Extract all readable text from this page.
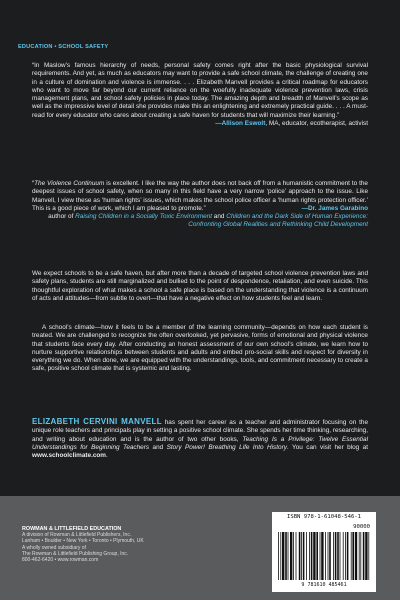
EDUCATION • SCHOOL SAFETY
“In Maslow’s famous hierarchy of needs, personal safety comes right after the basic physiological survival requirements. And yet, as much as educators may want to provide a safe school climate, the challenge of creating one in a culture of domination and violence is immense. . . . Elizabeth Manvell provides a critical roadmap for educators who want to move far beyond our current reliance on the woefully inadequate violence prevention laws, crisis management plans, and school safety policies in place today. The amazing depth and breadth of Manvell’s scope as well as the impressive level of detail she provides make this an enlightening and extremely practical guide. . . . A must-read for every educator who cares about creating a safe haven for students that will maximize their learning.”
—Allison Eswolt, MA, educator, ecotherapist, activist
“The Violence Continuum is excellent. I like the way the author does not back off from a humanistic commitment to the deepest issues of school safety, when so many in this field have a very narrow ‘police’ approach to the issue. Like Manvell, I view these as ‘human rights’ issues, which makes the school police officer a ‘human rights protection officer.’ This is a good piece of work, which I am pleased to promote.”	—Dr. James Garabino
author of Raising Children in a Socially Toxic Environment and Children and the Dark Side of Human Experience: Confronting Global Realities and Rethinking Child Development
We expect schools to be a safe haven, but after more than a decade of targeted school violence prevention laws and safety plans, students are still marginalized and bullied to the point of despondence, retaliation, and even suicide. This thoughtful exploration of what makes a school a safe place is based on the understanding that violence is a continuum of acts and attitudes—from subtle to overt—that have a negative effect on how students feel and learn.
A school’s climate—how it feels to be a member of the learning community—depends on how each student is treated. We are challenged to recognize the often overlooked, yet pervasive, forms of emotional and physical violence that students face every day. After conducting an honest assessment of our own school’s climate, we learn how to nurture supportive relationships between students and adults and embed pro-social skills and respect for diversity in everything we do. When done, we are equipped with the understandings, tools, and commitment necessary to create a safe, positive school climate that is systemic and lasting.
ELIZABETH CERVINI MANVELL has spent her career as a teacher and administrator focusing on the unique role teachers and principals play in setting a positive school climate. She spends her time thinking, researching, and writing about education and is the author of two other books, Teaching Is a Privilege: Twelve Essential Understandings for Beginning Teachers and Story Power! Breathing Life Into History. You can visit her blog at www.schoolclimate.com.
ROWMAN & LITTLEFIELD EDUCATION
A division of Rowman & Littlefield Publishers, Inc.
Lanham • Boulder • New York • Toronto • Plymouth, UK
A wholly owned subsidiary of
The Rowman & Littlefield Publishing Group, Inc.
800-462-6420 • www.rowman.com
ISBN 978-1-61048-546-1
90000
9 781610 485461
